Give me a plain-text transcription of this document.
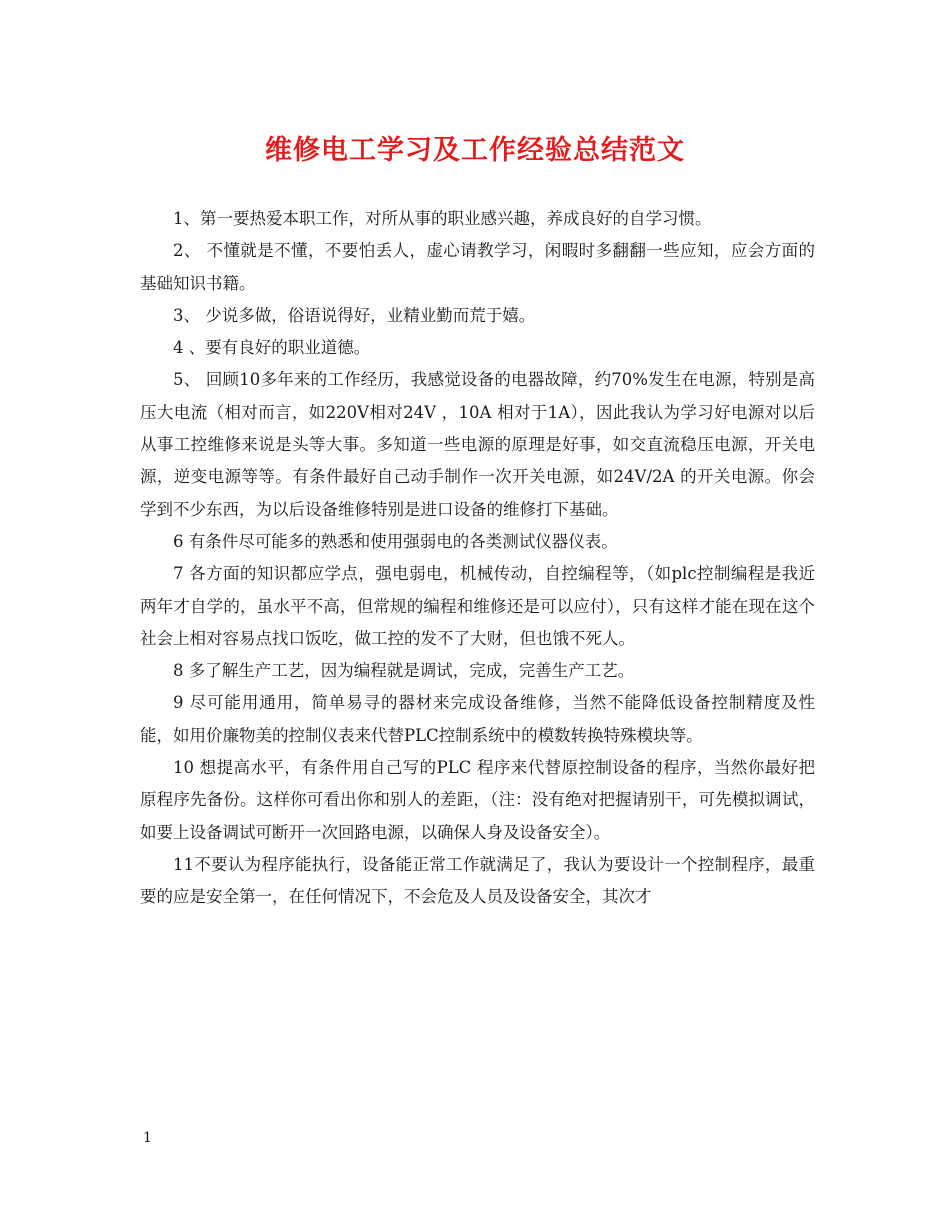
维修电工学习及工作经验总结范文

1、第一要热爱本职工作，对所从事的职业感兴趣，养成良好的自学习惯。

2、 不懂就是不懂，不要怕丢人，虚心请教学习，闲暇时多翻翻一些应知，应会方面的基础知识书籍。

3、 少说多做，俗语说得好，业精业勤而荒于嬉。

4 、要有良好的职业道德。

5、 回顾10多年来的工作经历，我感觉设备的电器故障，约70%发生在电源，特别是高压大电流（相对而言，如220V相对24V ，10A 相对于1A），因此我认为学习好电源对以后从事工控维修来说是头等大事。多知道一些电源的原理是好事，如交直流稳压电源，开关电源，逆变电源等等。有条件最好自己动手制作一次开关电源，如24V/2A 的开关电源。你会学到不少东西，为以后设备维修特别是进口设备的维修打下基础。

6 有条件尽可能多的熟悉和使用强弱电的各类测试仪器仪表。

7 各方面的知识都应学点，强电弱电，机械传动，自控编程等，（如plc控制编程是我近两年才自学的，虽水平不高，但常规的编程和维修还是可以应付），只有这样才能在现在这个社会上相对容易点找口饭吃，做工控的发不了大财，但也饿不死人。

8 多了解生产工艺，因为编程就是调试，完成，完善生产工艺。

9 尽可能用通用，简单易寻的器材来完成设备维修，当然不能降低设备控制精度及性能，如用价廉物美的控制仪表来代替PLC控制系统中的模数转换特殊模块等。

10 想提高水平，有条件用自己写的PLC 程序来代替原控制设备的程序，当然你最好把原程序先备份。这样你可看出你和别人的差距，（注：没有绝对把握请别干，可先模拟调试，如要上设备调试可断开一次回路电源，以确保人身及设备安全）。

11不要认为程序能执行，设备能正常工作就满足了，我认为要设计一个控制程序，最重要的应是安全第一，在任何情况下，不会危及人员及设备安全，其次才

1
